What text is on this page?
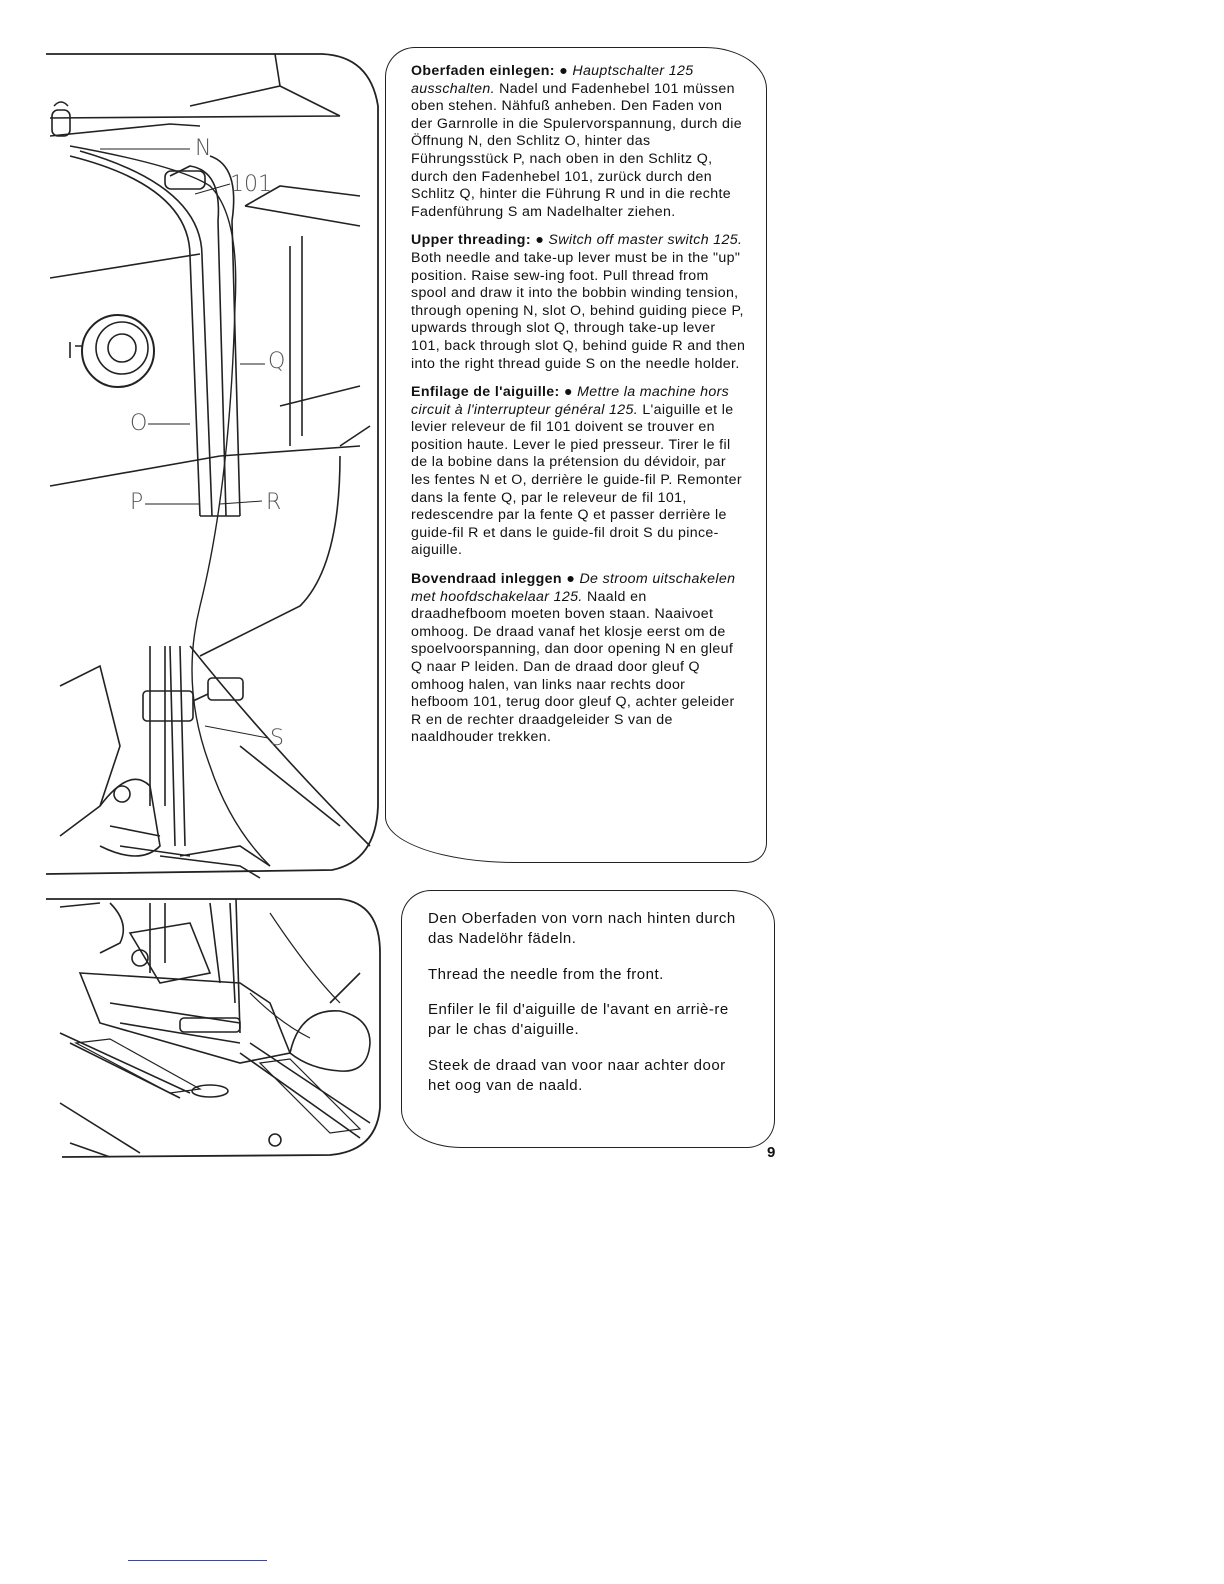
N
101
Q
O
P	R
S

Oberfaden einlegen: ● Hauptschalter 125 ausschalten. Nadel und Fadenhebel 101 müssen oben stehen. Nähfuß anheben. Den Faden von der Garnrolle in die Spulervorspannung, durch die Öffnung N, den Schlitz O, hinter das Führungsstück P, nach oben in den Schlitz Q, durch den Fadenhebel 101, zurück durch den Schlitz Q, hinter die Führung R und in die rechte Fadenführung S am Nadelhalter ziehen.

Upper threading: ● Switch off master switch 125. Both needle and take-up lever must be in the "up" position. Raise sew-ing foot. Pull thread from spool and draw it into the bobbin winding tension, through opening N, slot O, behind guiding piece P, upwards through slot Q, through take-up lever 101, back through slot Q, behind guide R and then into the right thread guide S on the needle holder.

Enfilage de l'aiguille: ● Mettre la machine hors circuit à l'interrupteur général 125. L'aiguille et le levier releveur de fil 101 doivent se trouver en position haute. Lever le pied presseur. Tirer le fil de la bobine dans la prétension du dévidoir, par les fentes N et O, derrière le guide-fil P. Remonter dans la fente Q, par le releveur de fil 101, redescendre par la fente Q et passer derrière le guide-fil R et dans le guide-fil droit S du pince-aiguille.

Bovendraad inleggen ● De stroom uitschakelen met hoofdschakelaar 125. Naald en draadhefboom moeten boven staan. Naaivoet omhoog. De draad vanaf het klosje eerst om de spoelvoorspanning, dan door opening N en gleuf Q naar P leiden. Dan de draad door gleuf Q omhoog halen, van links naar rechts door hefboom 101, terug door gleuf Q, achter geleider R en de rechter draadgeleider S van de naaldhouder trekken.

Den Oberfaden von vorn nach hinten durch das Nadelöhr fädeln.

Thread the needle from the front.

Enfiler le fil d'aiguille de l'avant en arriè-re par le chas d'aiguille.

Steek de draad van voor naar achter door het oog van de naald.

9
